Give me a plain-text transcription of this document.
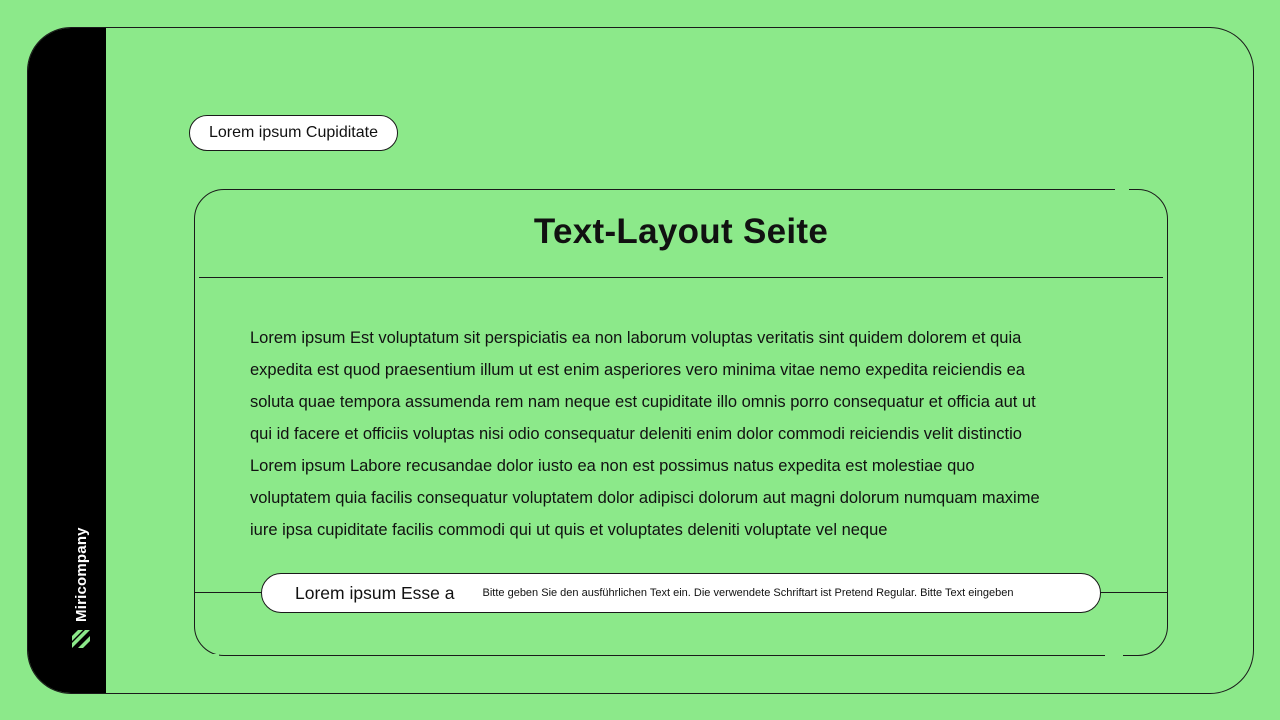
Miricompany
Lorem ipsum Cupiditate
Text-Layout Seite
Lorem ipsum Est voluptatum sit perspiciatis ea non laborum voluptas veritatis sint quidem dolorem et quia
expedita est quod praesentium illum ut est enim asperiores vero minima vitae nemo expedita reiciendis ea
soluta quae tempora assumenda rem nam neque est cupiditate illo omnis porro consequatur et officia aut ut
qui id facere et officiis voluptas nisi odio consequatur deleniti enim dolor commodi reiciendis velit distinctio
Lorem ipsum Labore recusandae dolor iusto ea non est possimus natus expedita est molestiae quo
voluptatem quia facilis consequatur voluptatem dolor adipisci dolorum aut magni dolorum numquam maxime
iure ipsa cupiditate facilis commodi qui ut quis et voluptates deleniti voluptate vel neque
Lorem ipsum Esse a	Bitte geben Sie den ausführlichen Text ein. Die verwendete Schriftart ist Pretend Regular. Bitte Text eingeben
